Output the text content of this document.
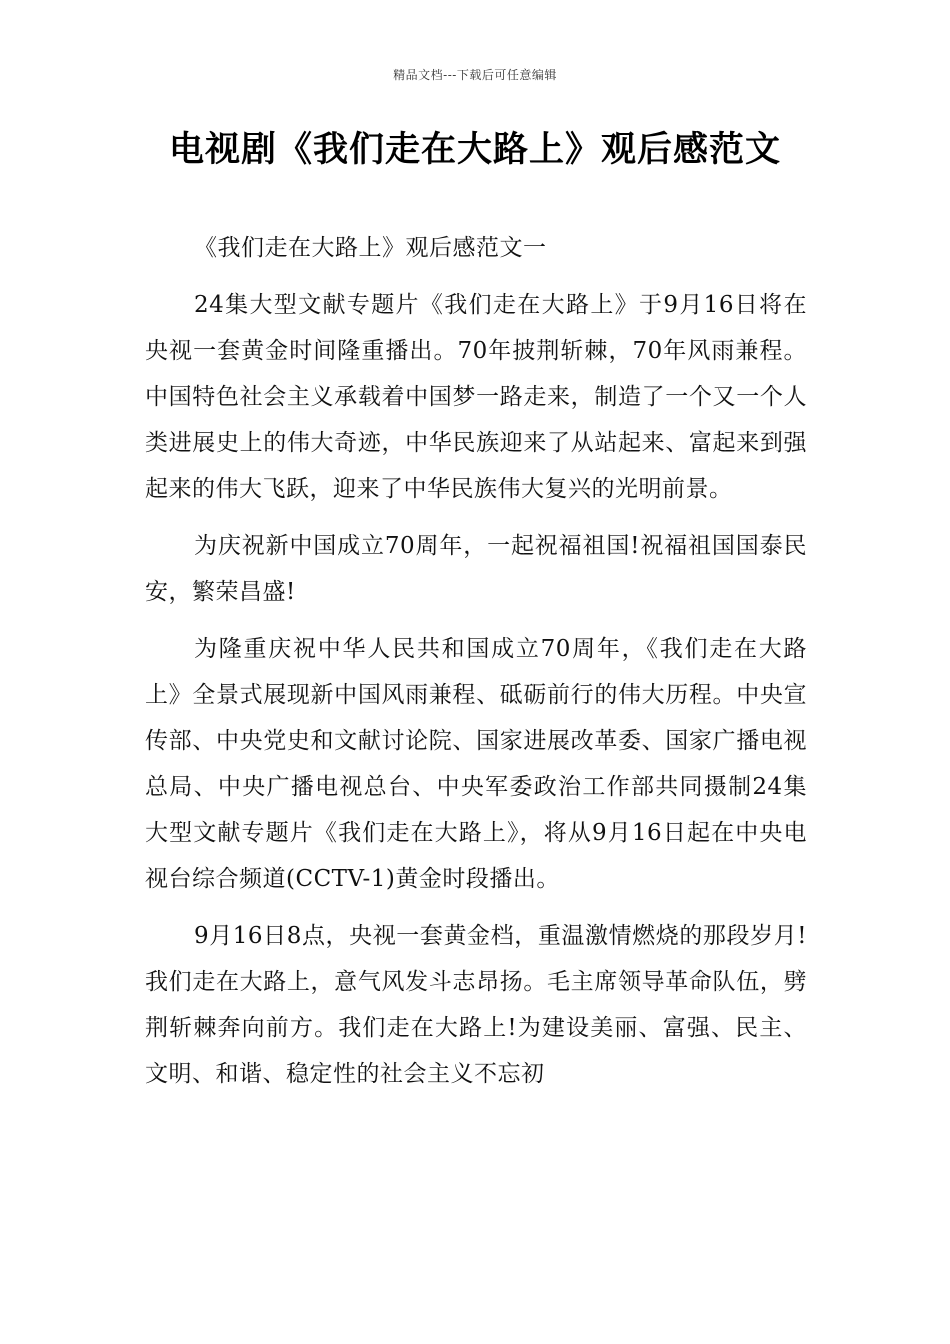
精品文档---下载后可任意编辑
电视剧《我们走在大路上》观后感范文

《我们走在大路上》观后感范文一

24集大型文献专题片《我们走在大路上》于9月16日将在央视一套黄金时间隆重播出。70年披荆斩棘，70年风雨兼程。中国特色社会主义承载着中国梦一路走来，制造了一个又一个人类进展史上的伟大奇迹，中华民族迎来了从站起来、富起来到强起来的伟大飞跃，迎来了中华民族伟大复兴的光明前景。

为庆祝新中国成立70周年，一起祝福祖国!祝福祖国国泰民安，繁荣昌盛!

为隆重庆祝中华人民共和国成立70周年，《我们走在大路上》全景式展现新中国风雨兼程、砥砺前行的伟大历程。中央宣传部、中央党史和文献讨论院、国家进展改革委、国家广播电视总局、中央广播电视总台、中央军委政治工作部共同摄制24集大型文献专题片《我们走在大路上》，将从9月16日起在中央电视台综合频道(CCTV-1)黄金时段播出。

9月16日8点，央视一套黄金档，重温激情燃烧的那段岁月!我们走在大路上，意气风发斗志昂扬。毛主席领导革命队伍，劈荆斩棘奔向前方。我们走在大路上!为建设美丽、富强、民主、文明、和谐、稳定性的社会主义不忘初
